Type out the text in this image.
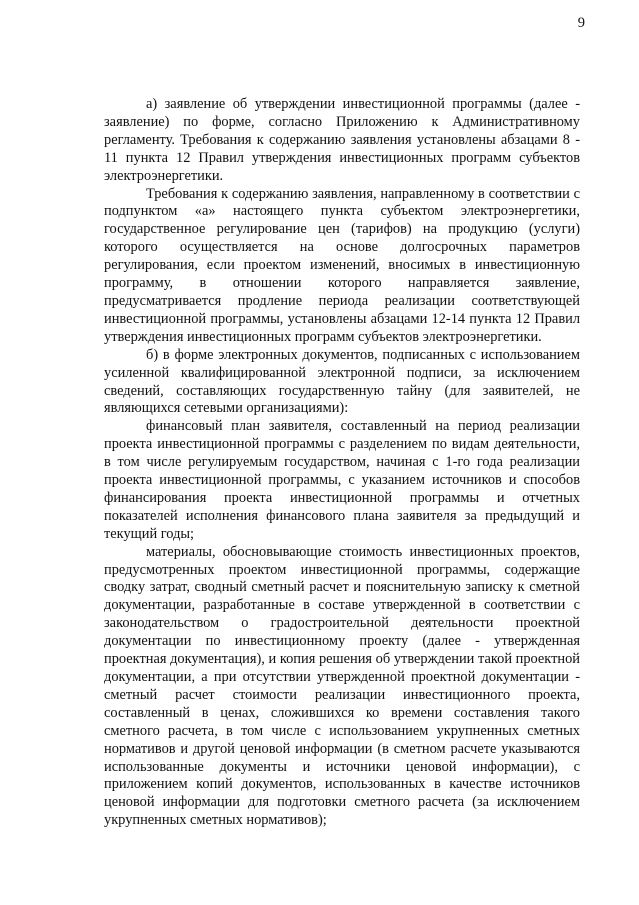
9

а) заявление об утверждении инвестиционной программы (далее - заявление) по форме, согласно Приложению к Административному регламенту. Требования к содержанию заявления установлены абзацами 8 - 11 пункта 12 Правил утверждения инвестиционных программ субъектов электроэнергетики.

Требования к содержанию заявления, направленному в соответствии с подпунктом «а» настоящего пункта субъектом электроэнергетики, государственное регулирование цен (тарифов) на продукцию (услуги) которого осуществляется на основе долгосрочных параметров регулирования, если проектом изменений, вносимых в инвестиционную программу, в отношении которого направляется заявление, предусматривается продление периода реализации соответствующей инвестиционной программы, установлены абзацами 12-14 пункта 12 Правил утверждения инвестиционных программ субъектов электроэнергетики.

б) в форме электронных документов, подписанных с использованием усиленной квалифицированной электронной подписи, за исключением сведений, составляющих государственную тайну (для заявителей, не являющихся сетевыми организациями):

финансовый план заявителя, составленный на период реализации проекта инвестиционной программы с разделением по видам деятельности, в том числе регулируемым государством, начиная с 1-го года реализации проекта инвестиционной программы, с указанием источников и способов финансирования проекта инвестиционной программы и отчетных показателей исполнения финансового плана заявителя за предыдущий и текущий годы;

материалы, обосновывающие стоимость инвестиционных проектов, предусмотренных проектом инвестиционной программы, содержащие сводку затрат, сводный сметный расчет и пояснительную записку к сметной документации, разработанные в составе утвержденной в соответствии с законодательством о градостроительной деятельности проектной документации по инвестиционному проекту (далее - утвержденная проектная документация), и копия решения об утверждении такой проектной документации, а при отсутствии утвержденной проектной документации - сметный расчет стоимости реализации инвестиционного проекта, составленный в ценах, сложившихся ко времени составления такого сметного расчета, в том числе с использованием укрупненных сметных нормативов и другой ценовой информации (в сметном расчете указываются использованные документы и источники ценовой информации), с приложением копий документов, использованных в качестве источников ценовой информации для подготовки сметного расчета (за исключением укрупненных сметных нормативов);
